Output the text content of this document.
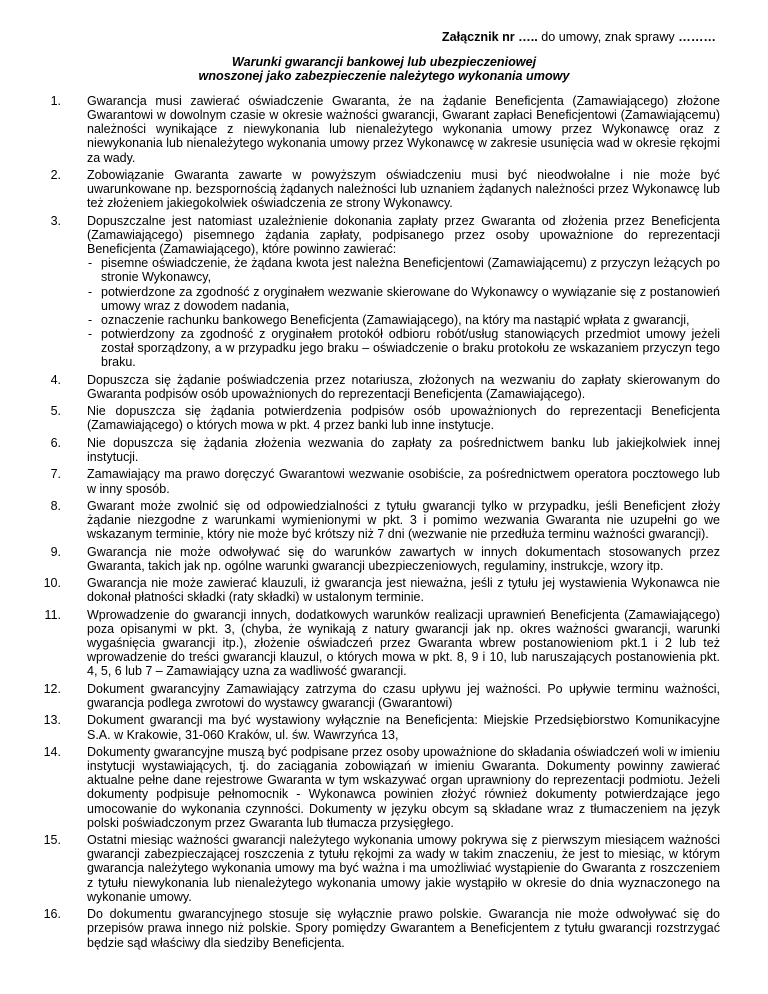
Załącznik nr ….. do umowy, znak sprawy ………
Warunki gwarancji bankowej lub ubezpieczeniowej
wnoszonej jako zabezpieczenie należytego wykonania umowy
1. Gwarancja musi zawierać oświadczenie Gwaranta, że na żądanie Beneficjenta (Zamawiającego) złożone Gwarantowi w dowolnym czasie w okresie ważności gwarancji, Gwarant zapłaci Beneficjentowi (Zamawiającemu) należności wynikające z niewykonania lub nienależytego wykonania umowy przez Wykonawcę oraz z niewykonania lub nienależytego wykonania umowy przez Wykonawcę w zakresie usunięcia wad w okresie rękojmi za wady.
2. Zobowiązanie Gwaranta zawarte w powyższym oświadczeniu musi być nieodwołalne i nie może być uwarunkowane np. bezspornością żądanych należności lub uznaniem żądanych należności przez Wykonawcę lub też złożeniem jakiegokolwiek oświadczenia ze strony Wykonawcy.
3. Dopuszczalne jest natomiast uzależnienie dokonania zapłaty przez Gwaranta od złożenia przez Beneficjenta (Zamawiającego) pisemnego żądania zapłaty, podpisanego przez osoby upoważnione do reprezentacji Beneficjenta (Zamawiającego), które powinno zawierać:
- pisemne oświadczenie, że żądana kwota jest należna Beneficjentowi (Zamawiającemu) z przyczyn leżących po stronie Wykonawcy,
- potwierdzone za zgodność z oryginałem wezwanie skierowane do Wykonawcy o wywiązanie się z postanowień umowy wraz z dowodem nadania,
- oznaczenie rachunku bankowego Beneficjenta (Zamawiającego), na który ma nastąpić wpłata z gwarancji,
- potwierdzony za zgodność z oryginałem protokół odbioru robót/usług stanowiących przedmiot umowy jeżeli został sporządzony, a w przypadku jego braku – oświadczenie o braku protokołu ze wskazaniem przyczyn tego braku.
4. Dopuszcza się żądanie poświadczenia przez notariusza, złożonych na wezwaniu do zapłaty skierowanym do Gwaranta podpisów osób upoważnionych do reprezentacji Beneficjenta (Zamawiającego).
5. Nie dopuszcza się żądania potwierdzenia podpisów osób upoważnionych do reprezentacji Beneficjenta (Zamawiającego) o których mowa w pkt. 4 przez banki lub inne instytucje.
6. Nie dopuszcza się żądania złożenia wezwania do zapłaty za pośrednictwem banku lub jakiejkolwiek innej instytucji.
7. Zamawiający ma prawo doręczyć Gwarantowi wezwanie osobiście, za pośrednictwem operatora pocztowego lub w inny sposób.
8. Gwarant może zwolnić się od odpowiedzialności z tytułu gwarancji tylko w przypadku, jeśli Beneficjent złoży żądanie niezgodne z warunkami wymienionymi w pkt. 3 i pomimo wezwania Gwaranta nie uzupełni go we wskazanym terminie, który nie może być krótszy niż 7 dni (wezwanie nie przedłuża terminu ważności gwarancji).
9. Gwarancja nie może odwoływać się do warunków zawartych w innych dokumentach stosowanych przez Gwaranta, takich jak np. ogólne warunki gwarancji ubezpieczeniowych, regulaminy, instrukcje, wzory itp.
10. Gwarancja nie może zawierać klauzuli, iż gwarancja jest nieważna, jeśli z tytułu jej wystawienia Wykonawca nie dokonał płatności składki (raty składki) w ustalonym terminie.
11. Wprowadzenie do gwarancji innych, dodatkowych warunków realizacji uprawnień Beneficjenta (Zamawiającego) poza opisanymi w pkt. 3, (chyba, że wynikają z natury gwarancji jak np. okres ważności gwarancji, warunki wygaśnięcia gwarancji itp.), złożenie oświadczeń przez Gwaranta wbrew postanowieniom pkt.1 i 2 lub też wprowadzenie do treści gwarancji klauzul, o których mowa w pkt. 8, 9 i 10, lub naruszających postanowienia pkt. 4, 5, 6 lub 7 – Zamawiający uzna za wadliwość gwarancji.
12. Dokument gwarancyjny Zamawiający zatrzyma do czasu upływu jej ważności. Po upływie terminu ważności, gwarancja podlega zwrotowi do wystawcy gwarancji (Gwarantowi)
13. Dokument gwarancji ma być wystawiony wyłącznie na Beneficjenta: Miejskie Przedsiębiorstwo Komunikacyjne S.A. w Krakowie, 31-060 Kraków, ul. św. Wawrzyńca 13,
14. Dokumenty gwarancyjne muszą być podpisane przez osoby upoważnione do składania oświadczeń woli w imieniu instytucji wystawiających, tj. do zaciągania zobowiązań w imieniu Gwaranta. Dokumenty powinny zawierać aktualne pełne dane rejestrowe Gwaranta w tym wskazywać organ uprawniony do reprezentacji podmiotu. Jeżeli dokumenty podpisuje pełnomocnik - Wykonawca powinien złożyć również dokumenty potwierdzające jego umocowanie do wykonania czynności. Dokumenty w języku obcym są składane wraz z tłumaczeniem na język polski poświadczonym przez Gwaranta lub tłumacza przysięgłego.
15. Ostatni miesiąc ważności gwarancji należytego wykonania umowy pokrywa się z pierwszym miesiącem ważności gwarancji zabezpieczającej roszczenia z tytułu rękojmi za wady w takim znaczeniu, że jest to miesiąc, w którym gwarancja należytego wykonania umowy ma być ważna i ma umożliwiać wystąpienie do Gwaranta z roszczeniem z tytułu niewykonania lub nienależytego wykonania umowy jakie wystąpiło w okresie do dnia wyznaczonego na wykonanie umowy.
16. Do dokumentu gwarancyjnego stosuje się wyłącznie prawo polskie. Gwarancja nie może odwoływać się do przepisów prawa innego niż polskie. Spory pomiędzy Gwarantem a Beneficjentem z tytułu gwarancji rozstrzygać będzie sąd właściwy dla siedziby Beneficjenta.
